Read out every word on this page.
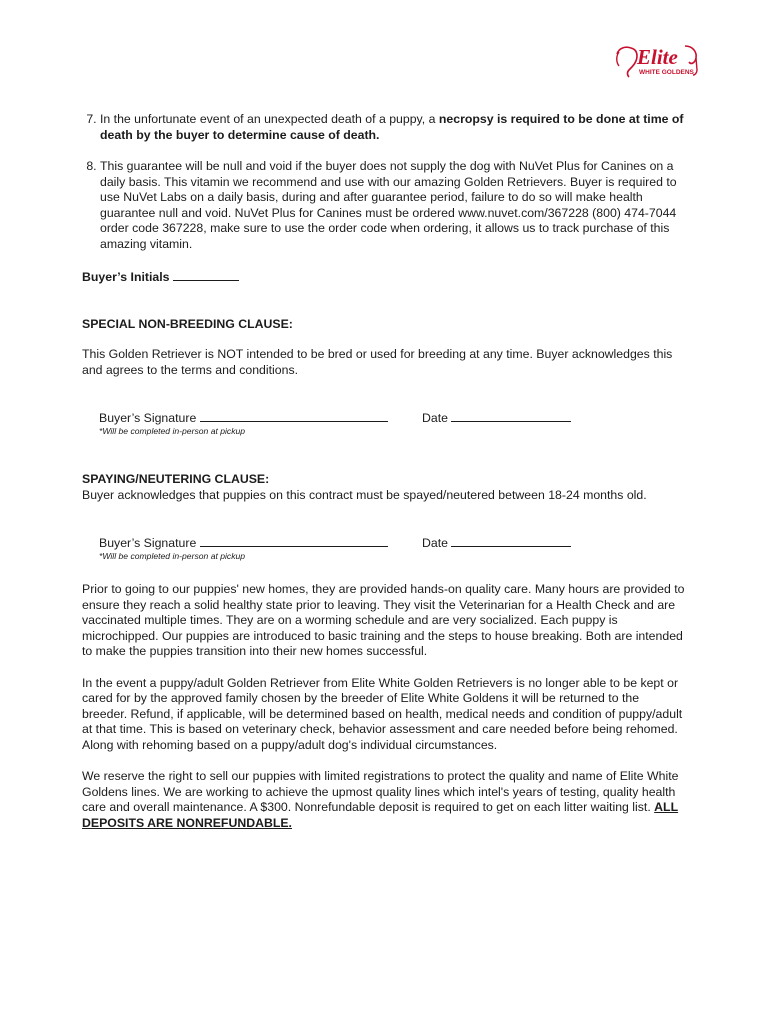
Elite
WHITE GOLDENS
7. In the unfortunate event of an unexpected death of a puppy, a necropsy is required to be done at time of death by the buyer to determine cause of death.
8. This guarantee will be null and void if the buyer does not supply the dog with NuVet Plus for Canines on a daily basis. This vitamin we recommend and use with our amazing Golden Retrievers. Buyer is required to use NuVet Labs on a daily basis, during and after guarantee period, failure to do so will make health guarantee null and void. NuVet Plus for Canines must be ordered www.nuvet.com/367228 (800) 474-7044 order code 367228, make sure to use the order code when ordering, it allows us to track purchase of this amazing vitamin.
Buyer’s Initials
SPECIAL NON-BREEDING CLAUSE:

This Golden Retriever is NOT intended to be bred or used for breeding at any time. Buyer acknowledges this and agrees to the terms and conditions.

Buyer’s Signature	Date
*Will be completed in-person at pickup
SPAYING/NEUTERING CLAUSE:

Buyer acknowledges that puppies on this contract must be spayed/neutered between 18-24 months old.

Buyer’s Signature	Date
*Will be completed in-person at pickup

Prior to going to our puppies' new homes, they are provided hands-on quality care. Many hours are provided to ensure they reach a solid healthy state prior to leaving. They visit the Veterinarian for a Health Check and are vaccinated multiple times. They are on a worming schedule and are very socialized. Each puppy is microchipped. Our puppies are introduced to basic training and the steps to house breaking. Both are intended to make the puppies transition into their new homes successful.

In the event a puppy/adult Golden Retriever from Elite White Golden Retrievers is no longer able to be kept or cared for by the approved family chosen by the breeder of Elite White Goldens it will be returned to the breeder. Refund, if applicable, will be determined based on health, medical needs and condition of puppy/adult at that time. This is based on veterinary check, behavior assessment and care needed before being rehomed. Along with rehoming based on a puppy/adult dog's individual circumstances.

We reserve the right to sell our puppies with limited registrations to protect the quality and name of Elite White Goldens lines. We are working to achieve the upmost quality lines which intel's years of testing, quality health care and overall maintenance. A $300. Nonrefundable deposit is required to get on each litter waiting list. ALL DEPOSITS ARE NONREFUNDABLE.
